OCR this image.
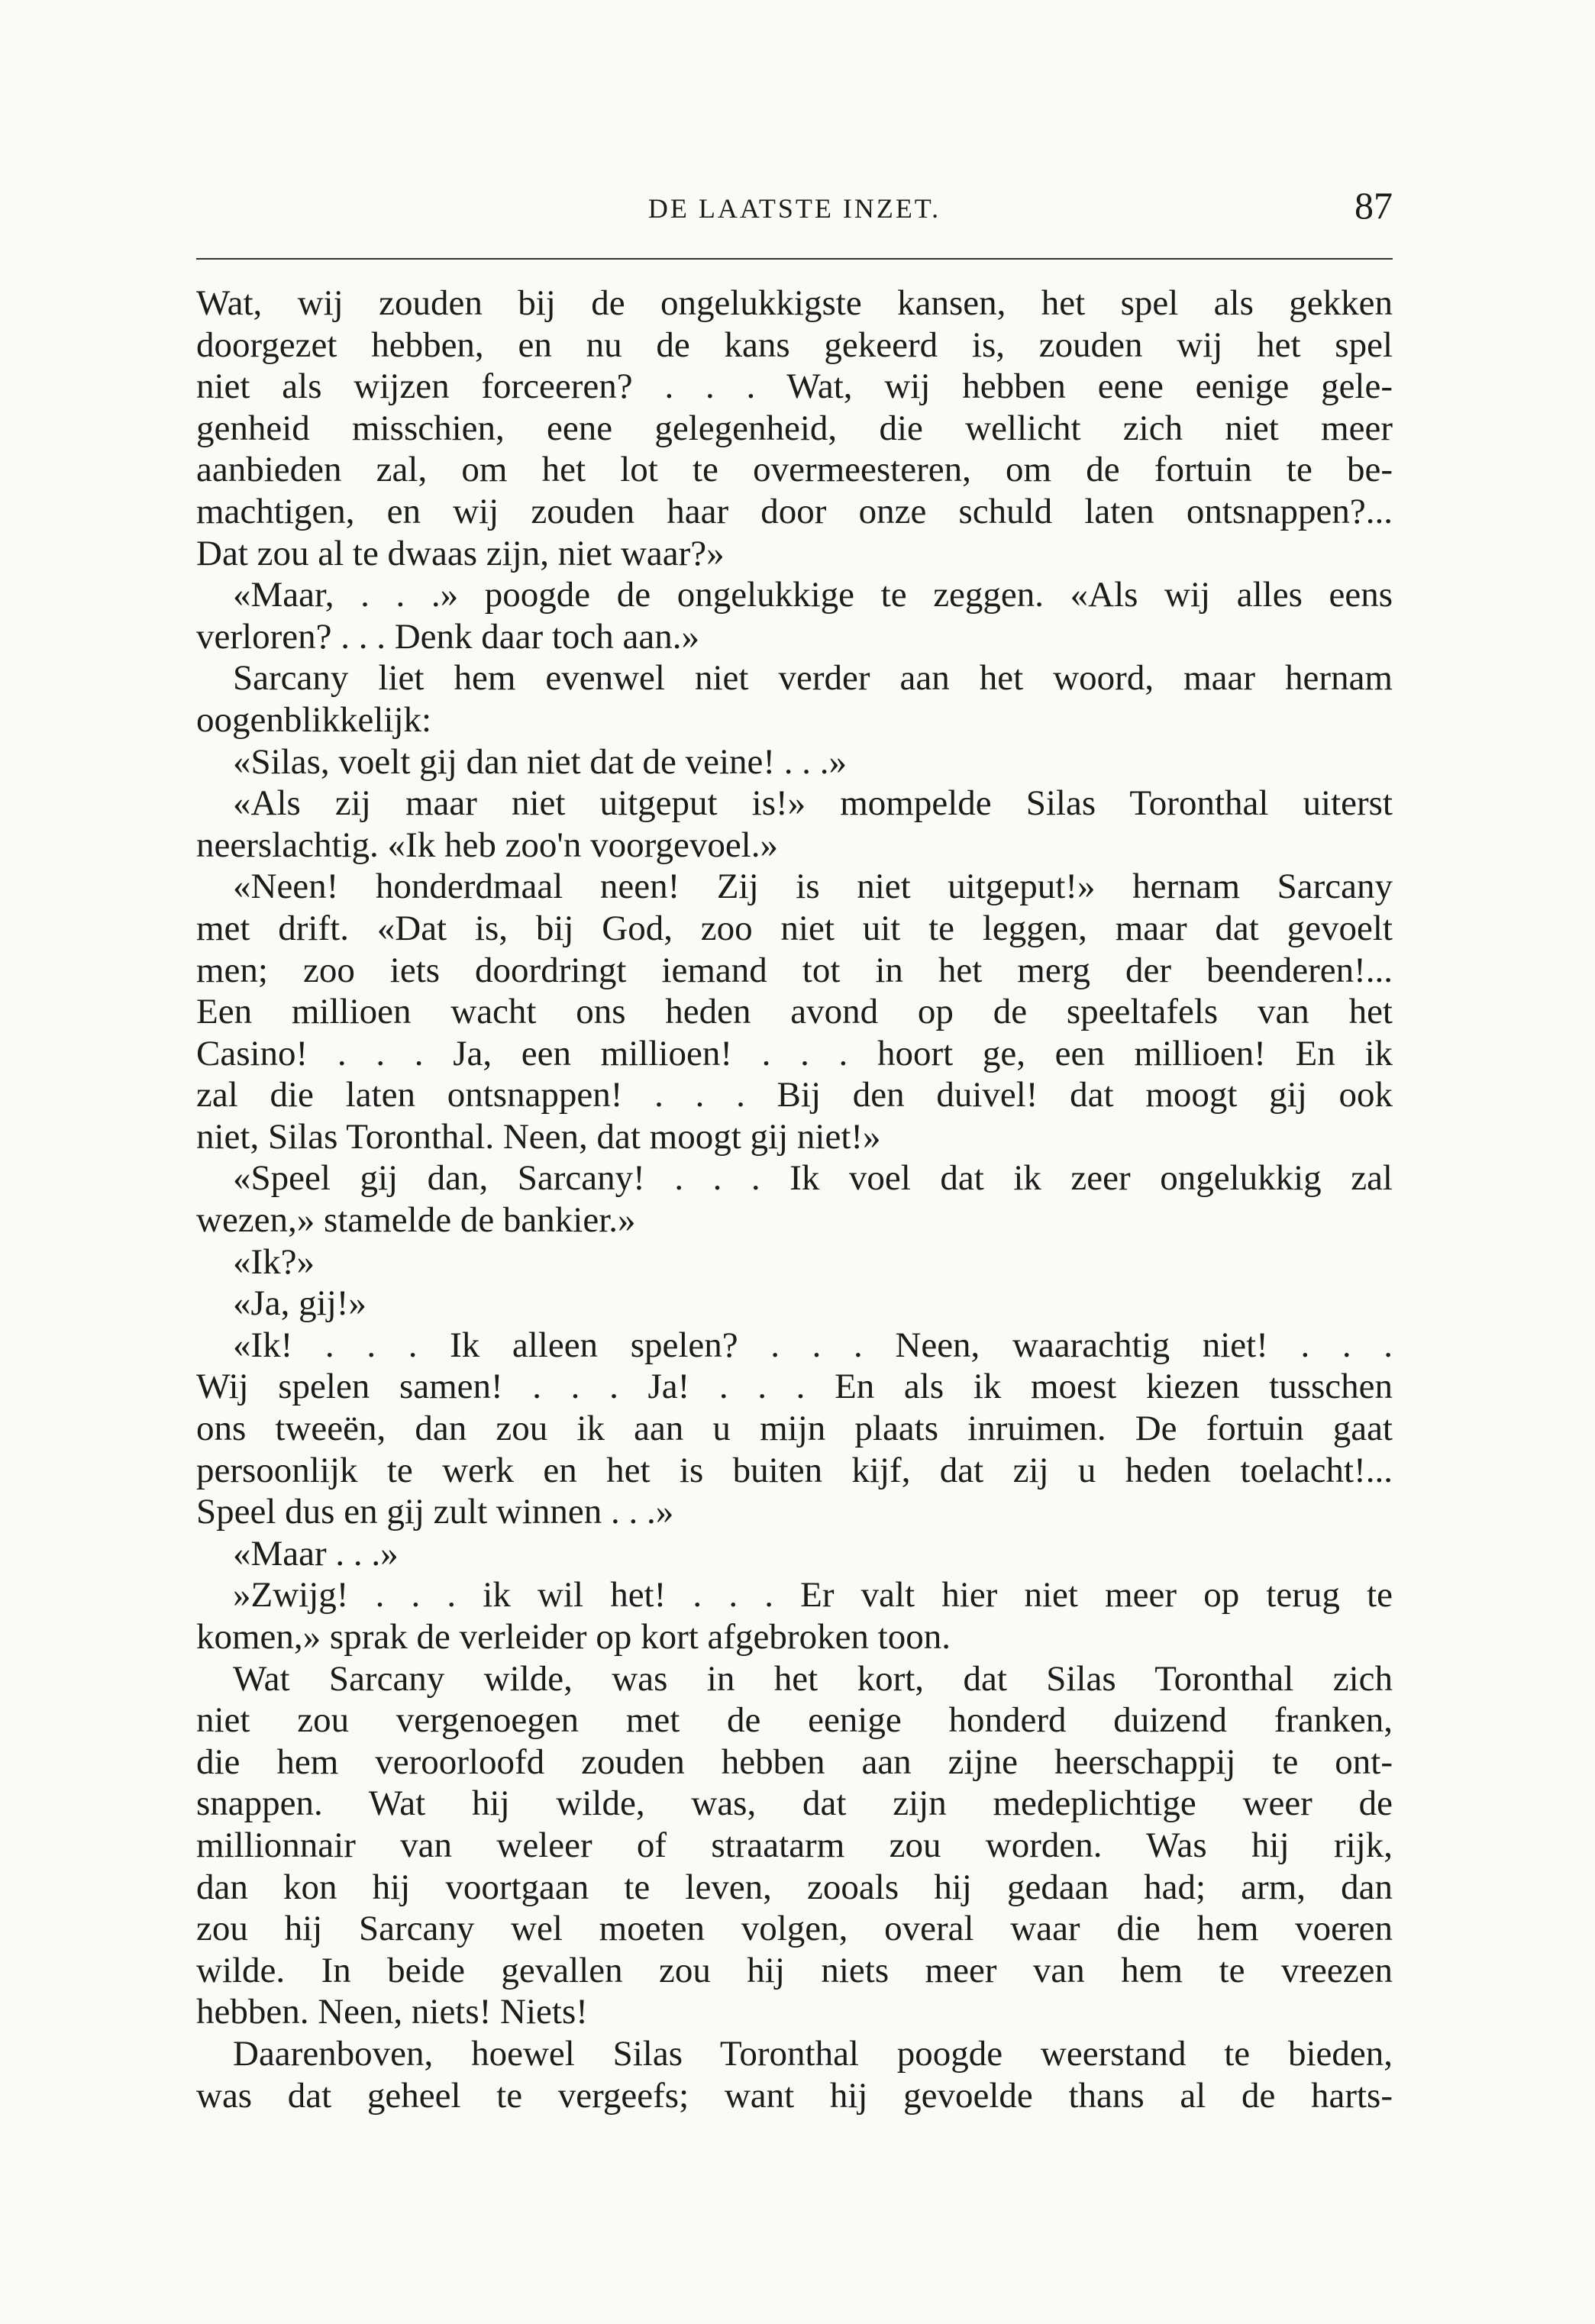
DE LAATSTE INZET.	87
Wat, wij zouden bij de ongelukkigste kansen, het spel als gekken
doorgezet hebben, en nu de kans gekeerd is, zouden wij het spel
niet als wijzen forceeren? . . . Wat, wij hebben eene eenige gele-
genheid misschien, eene gelegenheid, die wellicht zich niet meer
aanbieden zal, om het lot te overmeesteren, om de fortuin te be-
machtigen, en wij zouden haar door onze schuld laten ontsnappen?...
Dat zou al te dwaas zijn, niet waar?»
«Maar, . . .» poogde de ongelukkige te zeggen. «Als wij alles eens
verloren? . . . Denk daar toch aan.»
Sarcany liet hem evenwel niet verder aan het woord, maar hernam
oogenblikkelijk:
«Silas, voelt gij dan niet dat de veine! . . .»
«Als zij maar niet uitgeput is!» mompelde Silas Toronthal uiterst
neerslachtig. «Ik heb zoo'n voorgevoel.»
«Neen! honderdmaal neen! Zij is niet uitgeput!» hernam Sarcany
met drift. «Dat is, bij God, zoo niet uit te leggen, maar dat gevoelt
men; zoo iets doordringt iemand tot in het merg der beenderen!...
Een millioen wacht ons heden avond op de speeltafels van het
Casino! . . . Ja, een millioen! . . . hoort ge, een millioen! En ik
zal die laten ontsnappen! . . . Bij den duivel! dat moogt gij ook
niet, Silas Toronthal. Neen, dat moogt gij niet!»
«Speel gij dan, Sarcany! . . . Ik voel dat ik zeer ongelukkig zal
wezen,» stamelde de bankier.»
«Ik?»
«Ja, gij!»
«Ik! . . . Ik alleen spelen? . . . Neen, waarachtig niet! . . .
Wij spelen samen! . . . Ja! . . . En als ik moest kiezen tusschen
ons tweeën, dan zou ik aan u mijn plaats inruimen. De fortuin gaat
persoonlijk te werk en het is buiten kijf, dat zij u heden toelacht!...
Speel dus en gij zult winnen . . .»
«Maar . . .»
»Zwijg! . . . ik wil het! . . . Er valt hier niet meer op terug te
komen,» sprak de verleider op kort afgebroken toon.
Wat Sarcany wilde, was in het kort, dat Silas Toronthal zich
niet zou vergenoegen met de eenige honderd duizend franken,
die hem veroorloofd zouden hebben aan zijne heerschappij te ont-
snappen. Wat hij wilde, was, dat zijn medeplichtige weer de
millionnair van weleer of straatarm zou worden. Was hij rijk,
dan kon hij voortgaan te leven, zooals hij gedaan had; arm, dan
zou hij Sarcany wel moeten volgen, overal waar die hem voeren
wilde. In beide gevallen zou hij niets meer van hem te vreezen
hebben. Neen, niets! Niets!
Daarenboven, hoewel Silas Toronthal poogde weerstand te bieden,
was dat geheel te vergeefs; want hij gevoelde thans al de harts-
